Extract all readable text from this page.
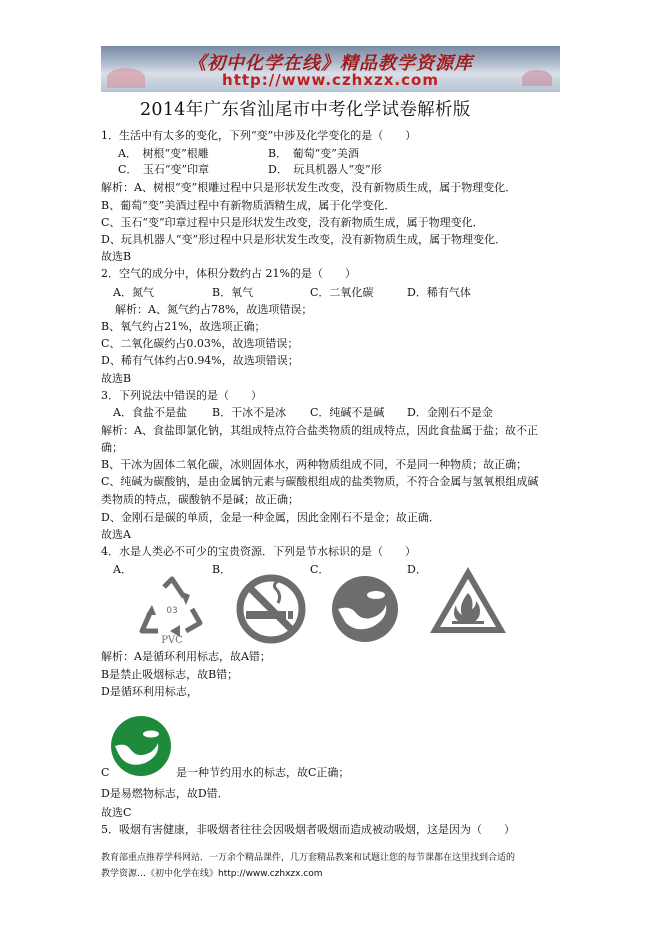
《初中化学在线》精品教学资源库
http://www.czhxzx.com
2014年广东省汕尾市中考化学试卷解析版
1．生活中有太多的变化，下列“变”中涉及化学变化的是（　　）
A．　树根“变”根雕	B．　葡萄“变”美酒
C．　玉石“变”印章	D．　玩具机器人“变”形
解析：A、树根“变”根雕过程中只是形状发生改变，没有新物质生成，属于物理变化．
B、葡萄“变”美酒过程中有新物质酒精生成，属于化学变化．
C、玉石“变”印章过程中只是形状发生改变，没有新物质生成，属于物理变化．
D、玩具机器人“变”形过程中只是形状发生改变，没有新物质生成，属于物理变化．
故选B
2．空气的成分中，体积分数约占 21%的是（　　）
A．氮气	B．氧气	C．二氧化碳	D．稀有气体
解析：A、氮气约占78%，故选项错误；
B、氧气约占21%，故选项正确；
C、二氧化碳约占0.03%，故选项错误；
D、稀有气体约占0.94%，故选项错误；
故选B
3．下列说法中错误的是（　　）
A．食盐不是盐 B．干冰不是冰 C．纯碱不是碱 D．金刚石不是金
解析：A、食盐即氯化钠，其组成特点符合盐类物质的组成特点，因此食盐属于盐；故不正
确；
B、干冰为固体二氧化碳，冰则固体水，两种物质组成不同，不是同一种物质；故正确；
C、纯碱为碳酸钠，是由金属钠元素与碳酸根组成的盐类物质，不符合金属与氢氧根组成碱
类物质的特点，碳酸钠不是碱；故正确；
D、金刚石是碳的单质，金是一种金属，因此金刚石不是金；故正确．
故选A
4．水是人类必不可少的宝贵资源．下列是节水标识的是（　　）
A．	B．	C．	D．
03
PVC
解析：A是循环利用标志，故A错；
B是禁止吸烟标志，故B错；
D是循环利用标志，
C	是一种节约用水的标志，故C正确；
D是易燃物标志，故D错．
故选C
5．吸烟有害健康，非吸烟者往往会因吸烟者吸烟而造成被动吸烟，这是因为（　　）
教育部重点推荐学科网站．一万余个精品课件，几万套精品教案和试题让您的每节课都在这里找到合适的
教学资源…《初中化学在线》http://www.czhxzx.com
